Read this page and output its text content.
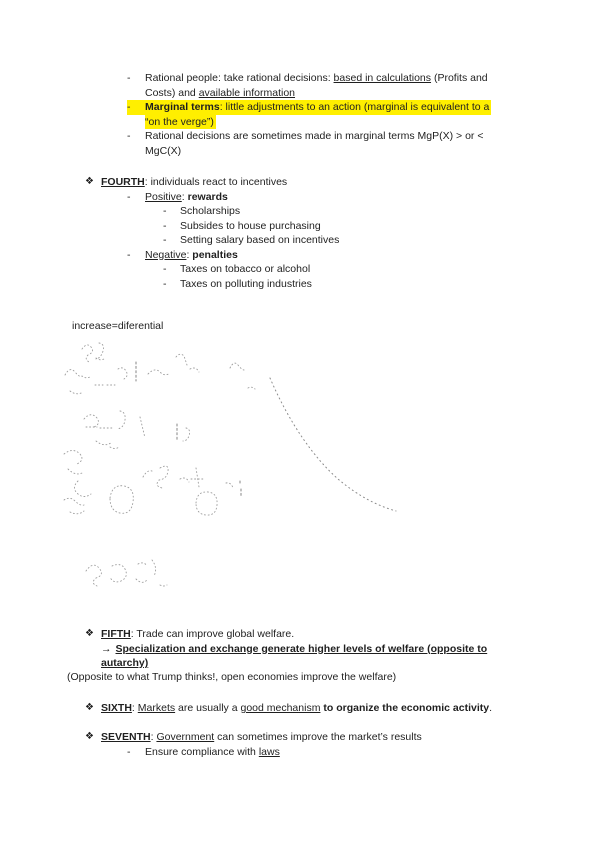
-	Rational people: take rational decisions: based in calculations (Profits and
Costs) and available information
-	Marginal terms: little adjustments to an action (marginal is equivalent to a
“on the verge”)
-	Rational decisions are sometimes made in marginal terms MgP(X) > or <
MgC(X)
❖ FOURTH: individuals react to incentives
-	Positive: rewards
-	Scholarships
-	Subsides to house purchasing
-	Setting salary based on incentives
-	Negative: penalties
-	Taxes on tobacco or alcohol
-	Taxes on polluting industries
increase=diferential
❖ FIFTH: Trade can improve global welfare.
→ Specialization and exchange generate higher levels of welfare (opposite to
autarchy)
(Opposite to what Trump thinks!, open economies improve the welfare)
❖ SIXTH: Markets are usually a good mechanism to organize the economic activity.
❖ SEVENTH: Government can sometimes improve the market’s results
-	Ensure compliance with laws
